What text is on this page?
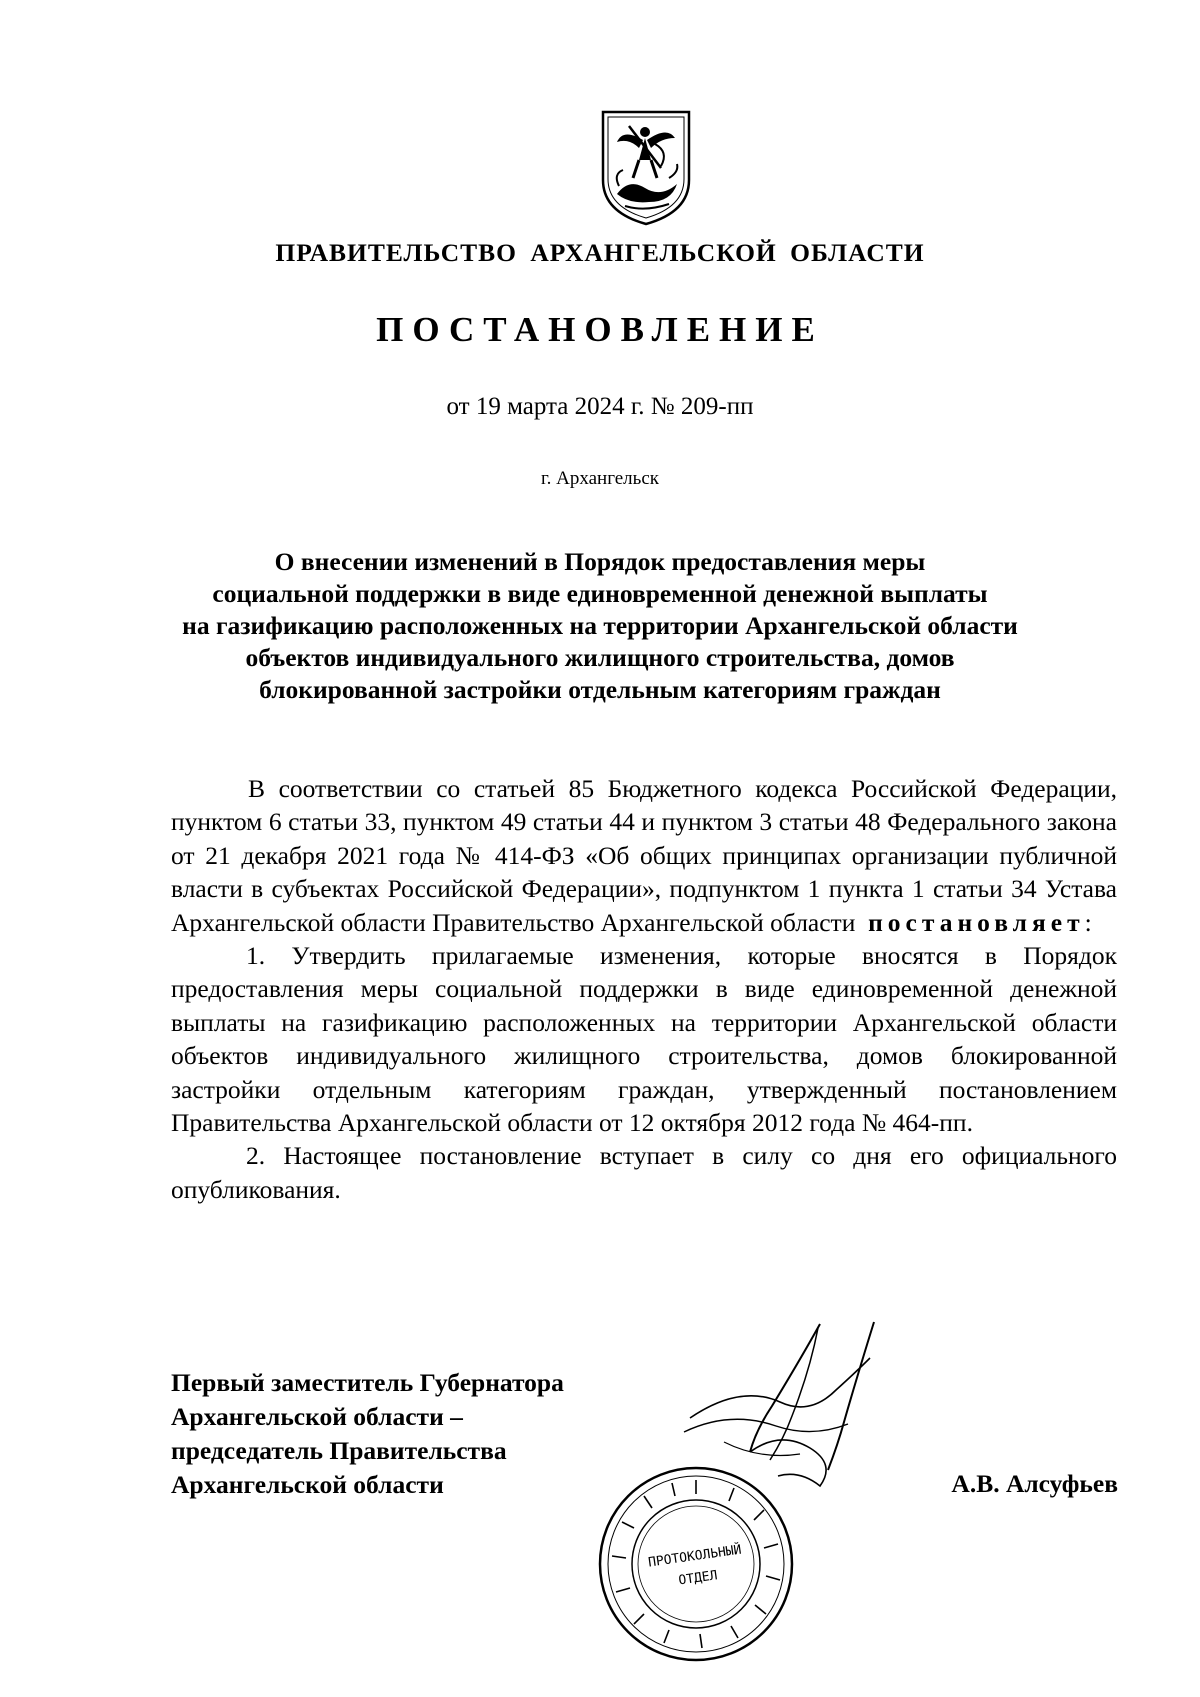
ПРАВИТЕЛЬСТВО АРХАНГЕЛЬСКОЙ ОБЛАСТИ
ПОСТАНОВЛЕНИЕ
от 19 марта 2024 г. № 209-пп
г. Архангельск
О внесении изменений в Порядок предоставления меры
социальной поддержки в виде единовременной денежной выплаты
на газификацию расположенных на территории Архангельской области
объектов индивидуального жилищного строительства, домов
блокированной застройки отдельным категориям граждан

В соответствии со статьей 85 Бюджетного кодекса Российской Федерации, пунктом 6 статьи 33, пунктом 49 статьи 44 и пунктом 3 статьи 48 Федерального закона от 21 декабря 2021 года № 414-ФЗ «Об общих принципах организации публичной власти в субъектах Российской Федерации», подпунктом 1 пункта 1 статьи 34 Устава Архангельской области Правительство Архангельской области постановляет:

1. Утвердить прилагаемые изменения, которые вносятся в Порядок предоставления меры социальной поддержки в виде единовременной денежной выплаты на газификацию расположенных на территории Архангельской области объектов индивидуального жилищного строительства, домов блокированной застройки отдельным категориям граждан, утвержденный постановлением Правительства Архангельской области от 12 октября 2012 года № 464-пп.

2. Настоящее постановление вступает в силу со дня его официального опубликования.

Первый заместитель Губернатора
Архангельской области –
председатель Правительства
Архангельской области	А.В. Алсуфьев
ПРОТОКОЛЬНЫЙ
ОТДЕЛ
